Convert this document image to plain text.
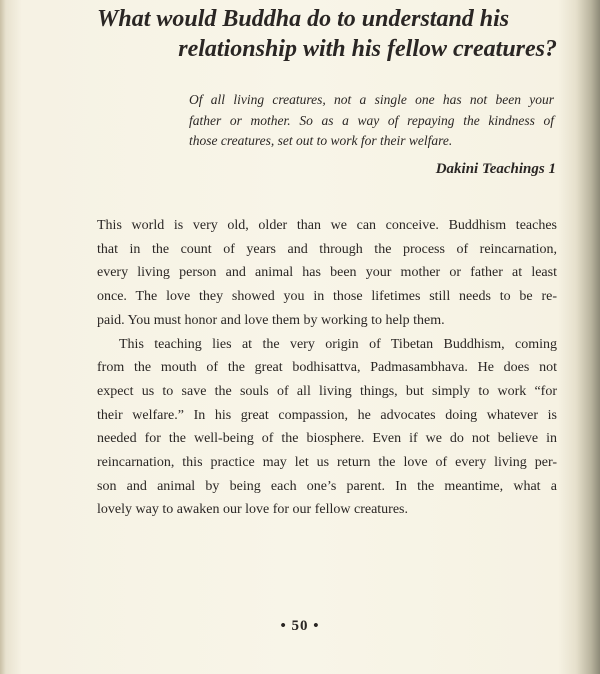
What would Buddha do to understand his
relationship with his fellow creatures?
Of all living creatures, not a single one has not been your
father or mother. So as a way of repaying the kindness of
those creatures, set out to work for their welfare.
Dakini Teachings 1
This world is very old, older than we can conceive. Buddhism teaches
that in the count of years and through the process of reincarnation,
every living person and animal has been your mother or father at least
once. The love they showed you in those lifetimes still needs to be re-
paid. You must honor and love them by working to help them.
This teaching lies at the very origin of Tibetan Buddhism, coming
from the mouth of the great bodhisattva, Padmasambhava. He does not
expect us to save the souls of all living things, but simply to work “for
their welfare.” In his great compassion, he advocates doing whatever is
needed for the well-being of the biosphere. Even if we do not believe in
reincarnation, this practice may let us return the love of every living per-
son and animal by being each one’s parent. In the meantime, what a
lovely way to awaken our love for our fellow creatures.
• 50 •
